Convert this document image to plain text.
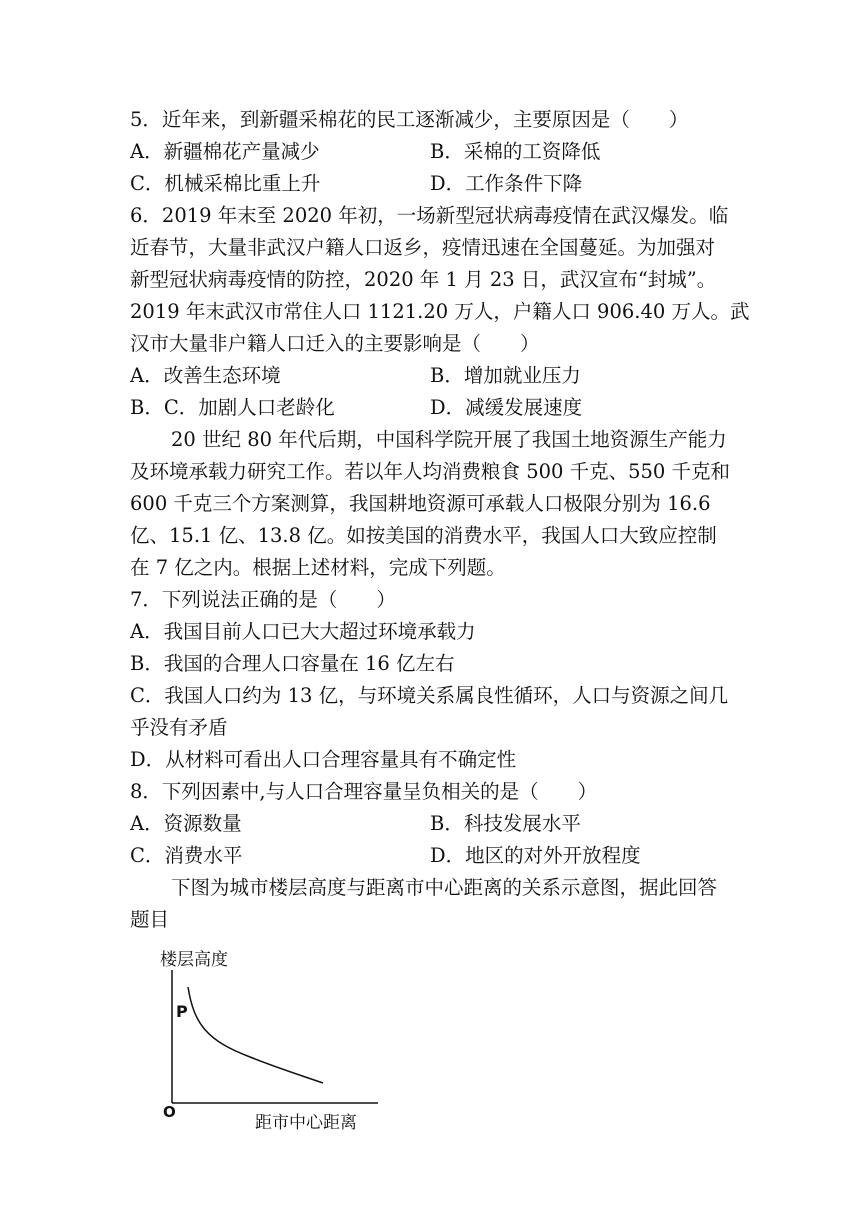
5．近年来，到新疆采棉花的民工逐渐减少，主要原因是（　　）
A．新疆棉花产量减少	B．采棉的工资降低
C．机械采棉比重上升	D．工作条件下降
6．2019 年末至 2020 年初，一场新型冠状病毒疫情在武汉爆发。临
近春节，大量非武汉户籍人口返乡，疫情迅速在全国蔓延。为加强对
新型冠状病毒疫情的防控，2020 年 1 月 23 日，武汉宣布“封城”。
2019 年末武汉市常住人口 1121.20 万人，户籍人口 906.40 万人。武
汉市大量非户籍人口迁入的主要影响是（　　）
A．改善生态环境	B．增加就业压力
B．C．加剧人口老龄化	D．减缓发展速度
20 世纪 80 年代后期，中国科学院开展了我国土地资源生产能力
及环境承载力研究工作。若以年人均消费粮食 500 千克、550 千克和
600 千克三个方案测算，我国耕地资源可承载人口极限分别为 16.6
亿、15.1 亿、13.8 亿。如按美国的消费水平，我国人口大致应控制
在 7 亿之内。根据上述材料，完成下列题。
7．下列说法正确的是（　　）
A．我国目前人口已大大超过环境承载力
B．我国的合理人口容量在 16 亿左右
C．我国人口约为 13 亿，与环境关系属良性循环，人口与资源之间几
乎没有矛盾
D．从材料可看出人口合理容量具有不确定性
8．下列因素中,与人口合理容量呈负相关的是（　　）
A．资源数量	B．科技发展水平
C．消费水平	D．地区的对外开放程度
下图为城市楼层高度与距离市中心距离的关系示意图，据此回答
题目
楼层高度
P
O
距市中心距离
